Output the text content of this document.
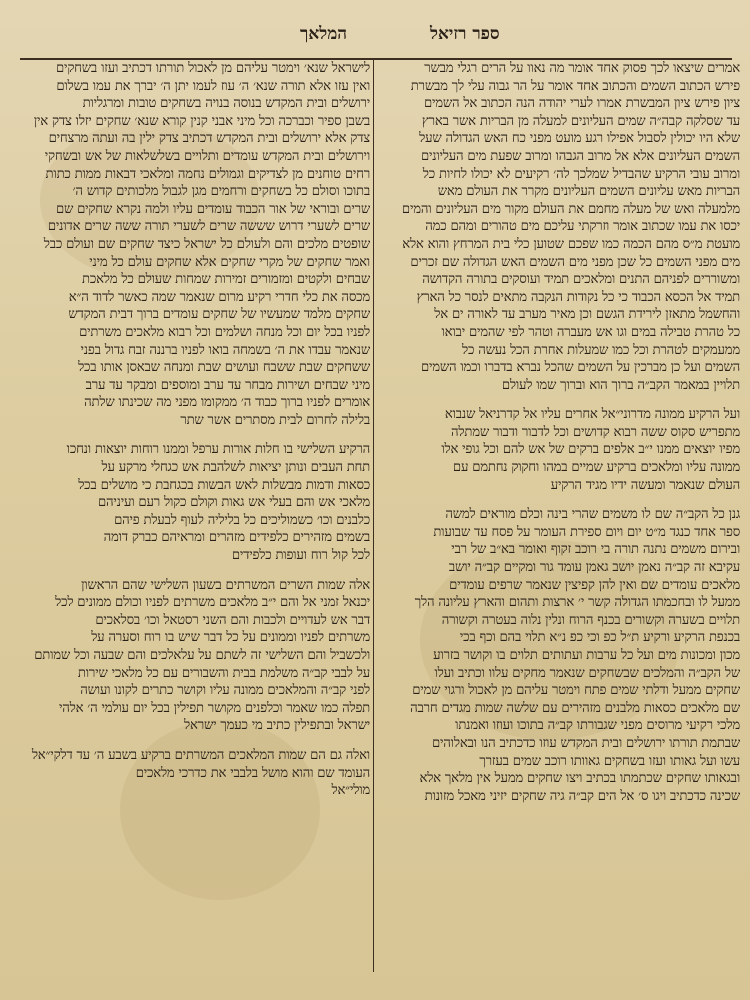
המלאך	ספר רזיאל
אמרים שיצאו לכך פסוק אחד אומר מה נאוו על הרים רגלי מבשר
פירש הכתוב השמים והכתוב אחד אומר על הר גבוה עלי לך מבשרת
ציון פירש ציון המבשרת אמרו לערי יהודה הנה הכתוב אל השמים
עד שסלקה קבה״ה שמים העליונים למעלה מן הבריות אשר בארץ
שלא היו יכולין לסבול אפילו רגע מועט מפני כח האש הגדולה שעל
השמים העליונים אלא אל מרוב הגבהו ומרוב שפעת מים העליונים
ומרוב עובי הרקיע שהבדיל שמלכך לה׳ רקיעים לא יכולו לחיות כל
הבריות מאש עליונים השמים העליונים מקרר את העולם מאש
מלמעלה ואש של מעלה מחמם את העולם מקור מים העליונים והמים
יכסו את עמו שכתוב אומר וזרקתי עליכם מים טהורים ומהם כמה
מועטת מ״ס מהם הכמה כמו שפכם שטוען כלי בית המרחץ והוא אלא
מים מפני השמים כל שכן מפני מים השמים האש הגדולה שם זכרים
ומשוררים לפניהם התנים ומלאכים תמיד ועוסקים בתורה הקדושה
תמיד אל הכסא הכבוד כי כל נקודות הנקבה מתאים לנסר כל הארץ
והחשמל מתאזן לירידת הגשם וכן מאיר מערב עד לאורה ים אל
כל טהרת טבילה במים וגו אש מעברה וטהר לפי שהמים יבואו
ממעמקים לטהרת וכל כמו שמעלות אחרת הכל נעשה כל
השמים ועל כן מברכין על השמים שהכל נברא בדברו וכמו השמים
תלויין במאמר הקב״ה ברוך הוא וברוך שמו לעולם
ועל הרקיע ממונה מדרוני״אל אחרים עליו אל קדרניאל שנבוא
מתפריש סקוס ששה רבוא קדושים וכל לדבור ודבור שמתלה
מפיו יוצאים ממנו י״ב אלפים ברקים של אש להם וכל גופי אלו
ממונה עליו ומלאכים ברקיע שמיים במהו וחקוק נחתמם עם
העולם שנאמר ומעשה ידיו מגיד הרקיע
גנן כל הקב״ה שם לו משמים שהרי בינה וכלם מוראים למשה
ספר אחד כנגד מ״ט יום ויום ספירת העומר על פסח עד שבועות
ובירום משמים נתנה תורה בי רוכב זקוף ואומר בא״ב של רבי
עקיבא זה קב״ה נאמן יושב גאמן עומד גור ומקיים קב״ה יושב
מלאכים עומדים שם ואין להן קפיצין שנאמר שרפים עומדים
ממעל לו ובחכמתו הגדולה קשר י׳ ארצות ותהום והארץ עליונה הלך
תלויים בשערה וקשורים בכנף הרוח ונלין נלוה בעטרה וקשורה
בכנפת הרקיע ורקיע ת״ל כפ וכי כפ נ״א תלוי בהם וכף בכי
מכון ומכונות מים ועל כל ערבות ועתותים תלוים בו וקושר בזרוע
של הקב״ה והמלכים שבשחקים שנאמר מחקים עלוו וכתיב ועלו
שחקים ממעל ודלתי שמים פתח וימטר עליהם מן לאכול ורגוי שמים
שם מלאכים כסאות מלבנים מזהירים עם שלשה שמות מגדים חרבה
מלכי רקיעי מרוסים מפני שגבורתו קב״ה בתוכו ועוזו ואמנתו
שבתמת תורתו ירושלים ובית המקדש עוזו כדכתיב הנו ובאלוהים
עשו ועל גאותו ועזו בשחקים גאוותו רוכב שמים בעזרך
ובגאותו שחקים שכתמתו בכתיב ויצו שחקים ממעל אין מלאך אלא
שכינה כדכתיב ויגו ס׳ אל הים קב״ה גיה שחקים יזיני מאכל מזונות
לישראל שנא׳ וימטר עליהם מן לאכול תורתו דכתיב ועזו בשחקים
ואין עזו אלא תורה שנא׳ ה׳ עוז לעמו יתן ה׳ יברך את עמו בשלום
ירושלים ובית המקדש בנוסה בנויה בשחקים טובות ומרגליות
בשבן ספיר וכברכה וכל מיני אבני קנין קורא שנא׳ שחקים יזלו צדק אין
צדק אלא ירושלים ובית המקדש דכתיב צדק ילין בה ועתה מרצחים
וירושלים ובית המקדש עומדים ותלויים בשלשלאות של אש ובשחקי
רחים טוחנים מן לצדיקים וגמולים נחמה ומלאכי דבאות ממות כתות
בתוכו וסולם כל בשחקים ורחמים מגן לגבול מלכותים קדוש ה׳
שרים ובוראי של אור הכבוד עומדים עליו ולמה נקרא שחקים שם
שרים לשערי דרוש שששה שרים לשערי תורה ששה שרים אדונים
שופטים מלכים והם ולעולם כל ישראל כיצד שחקים שם ועולם כבל
ואמר שחקים של מקרי שחקים אלא שחקים עולם כל מיני
שבחים ולקטים ומזמורים זמירות שמחות שעולם כל מלאכת
מכסה את כלי חדרי רקיע מרום שנאמר שמה כאשר לדוד ה״א
שחקים מלמד שמעשיו של שחקים עומדים ברוך דבית המקדש
לפניו בכל יום וכל מנחה ושלמים וכל רבוא מלאכים משרתים
שנאמר עבדו את ה׳ בשמחה בואו לפניו ברננה זבח גדול בפני
ששחקים שבת ששבח ועושים שבת ומנחה שבאסן אותו בכל
מיני שבחים ושירות מבחר עד ערב ומוספים ומבקר עד ערב
אומרים לפניו ברוך כבוד ה׳ ממקומו מפני מה שכינתו שלתה
בלילה לחרום לבית מסתרים אשר שתר
הרקיע השלישי בו חלות אורות ערפל וממנו רוחות יוצאות ונחכו
תחת העבים ונותן יציאות לשלהבת אש כגחלי מרקע על
כסאות ודמות מבשלות לאש הבשות בכגחבת כי מושלים בכל
מלאכי אש והם בעלי אש גאות וקולם כקול רעם ועיניהם
כלבנים וכו׳ כשמוליכים כל בליליה לעוף לבעלת פיהם
בשמים מזהירים כלפידים מזהרים ומראיהם כברק דומה
לכל קול רוח ועופות כלפידים
אלה שמות השרים המשרתים בשעון השלישי שהם הראשון
יכנאל זמני אל והם י״ב מלאכים משרתים לפניו וכולם ממונים לכל
דבר אש לעדויים ולכבות והם השני רסטאל וכו׳ בסלאכים
משרתים לפניו וממונים על כל דבר שיש בו רוח וסערה על
ולכשביל והם השלישי זה לשתם על עלאלכים והם שבעה וכל שמותם
על לבבי קב״ה משלמת בבית והשבורים עם כל מלאכי שירות
לפני קב״ה והמלאכים ממונה עליו וקושר כתרים לקונו ועושה
תפלה כמו שאמר וכלפנים מקושר תפילין בכל יום עולמי ה׳ אלהי
ישראל ובתפילין כתיב מי כעמך ישראל
ואלה גם הם שמות המלאכים המשרתים ברקיע בשבע ה׳ עד דלקי״אל
העומד שם והוא מושל בלבבי את כדרכי מלאכים
מולי״אל
